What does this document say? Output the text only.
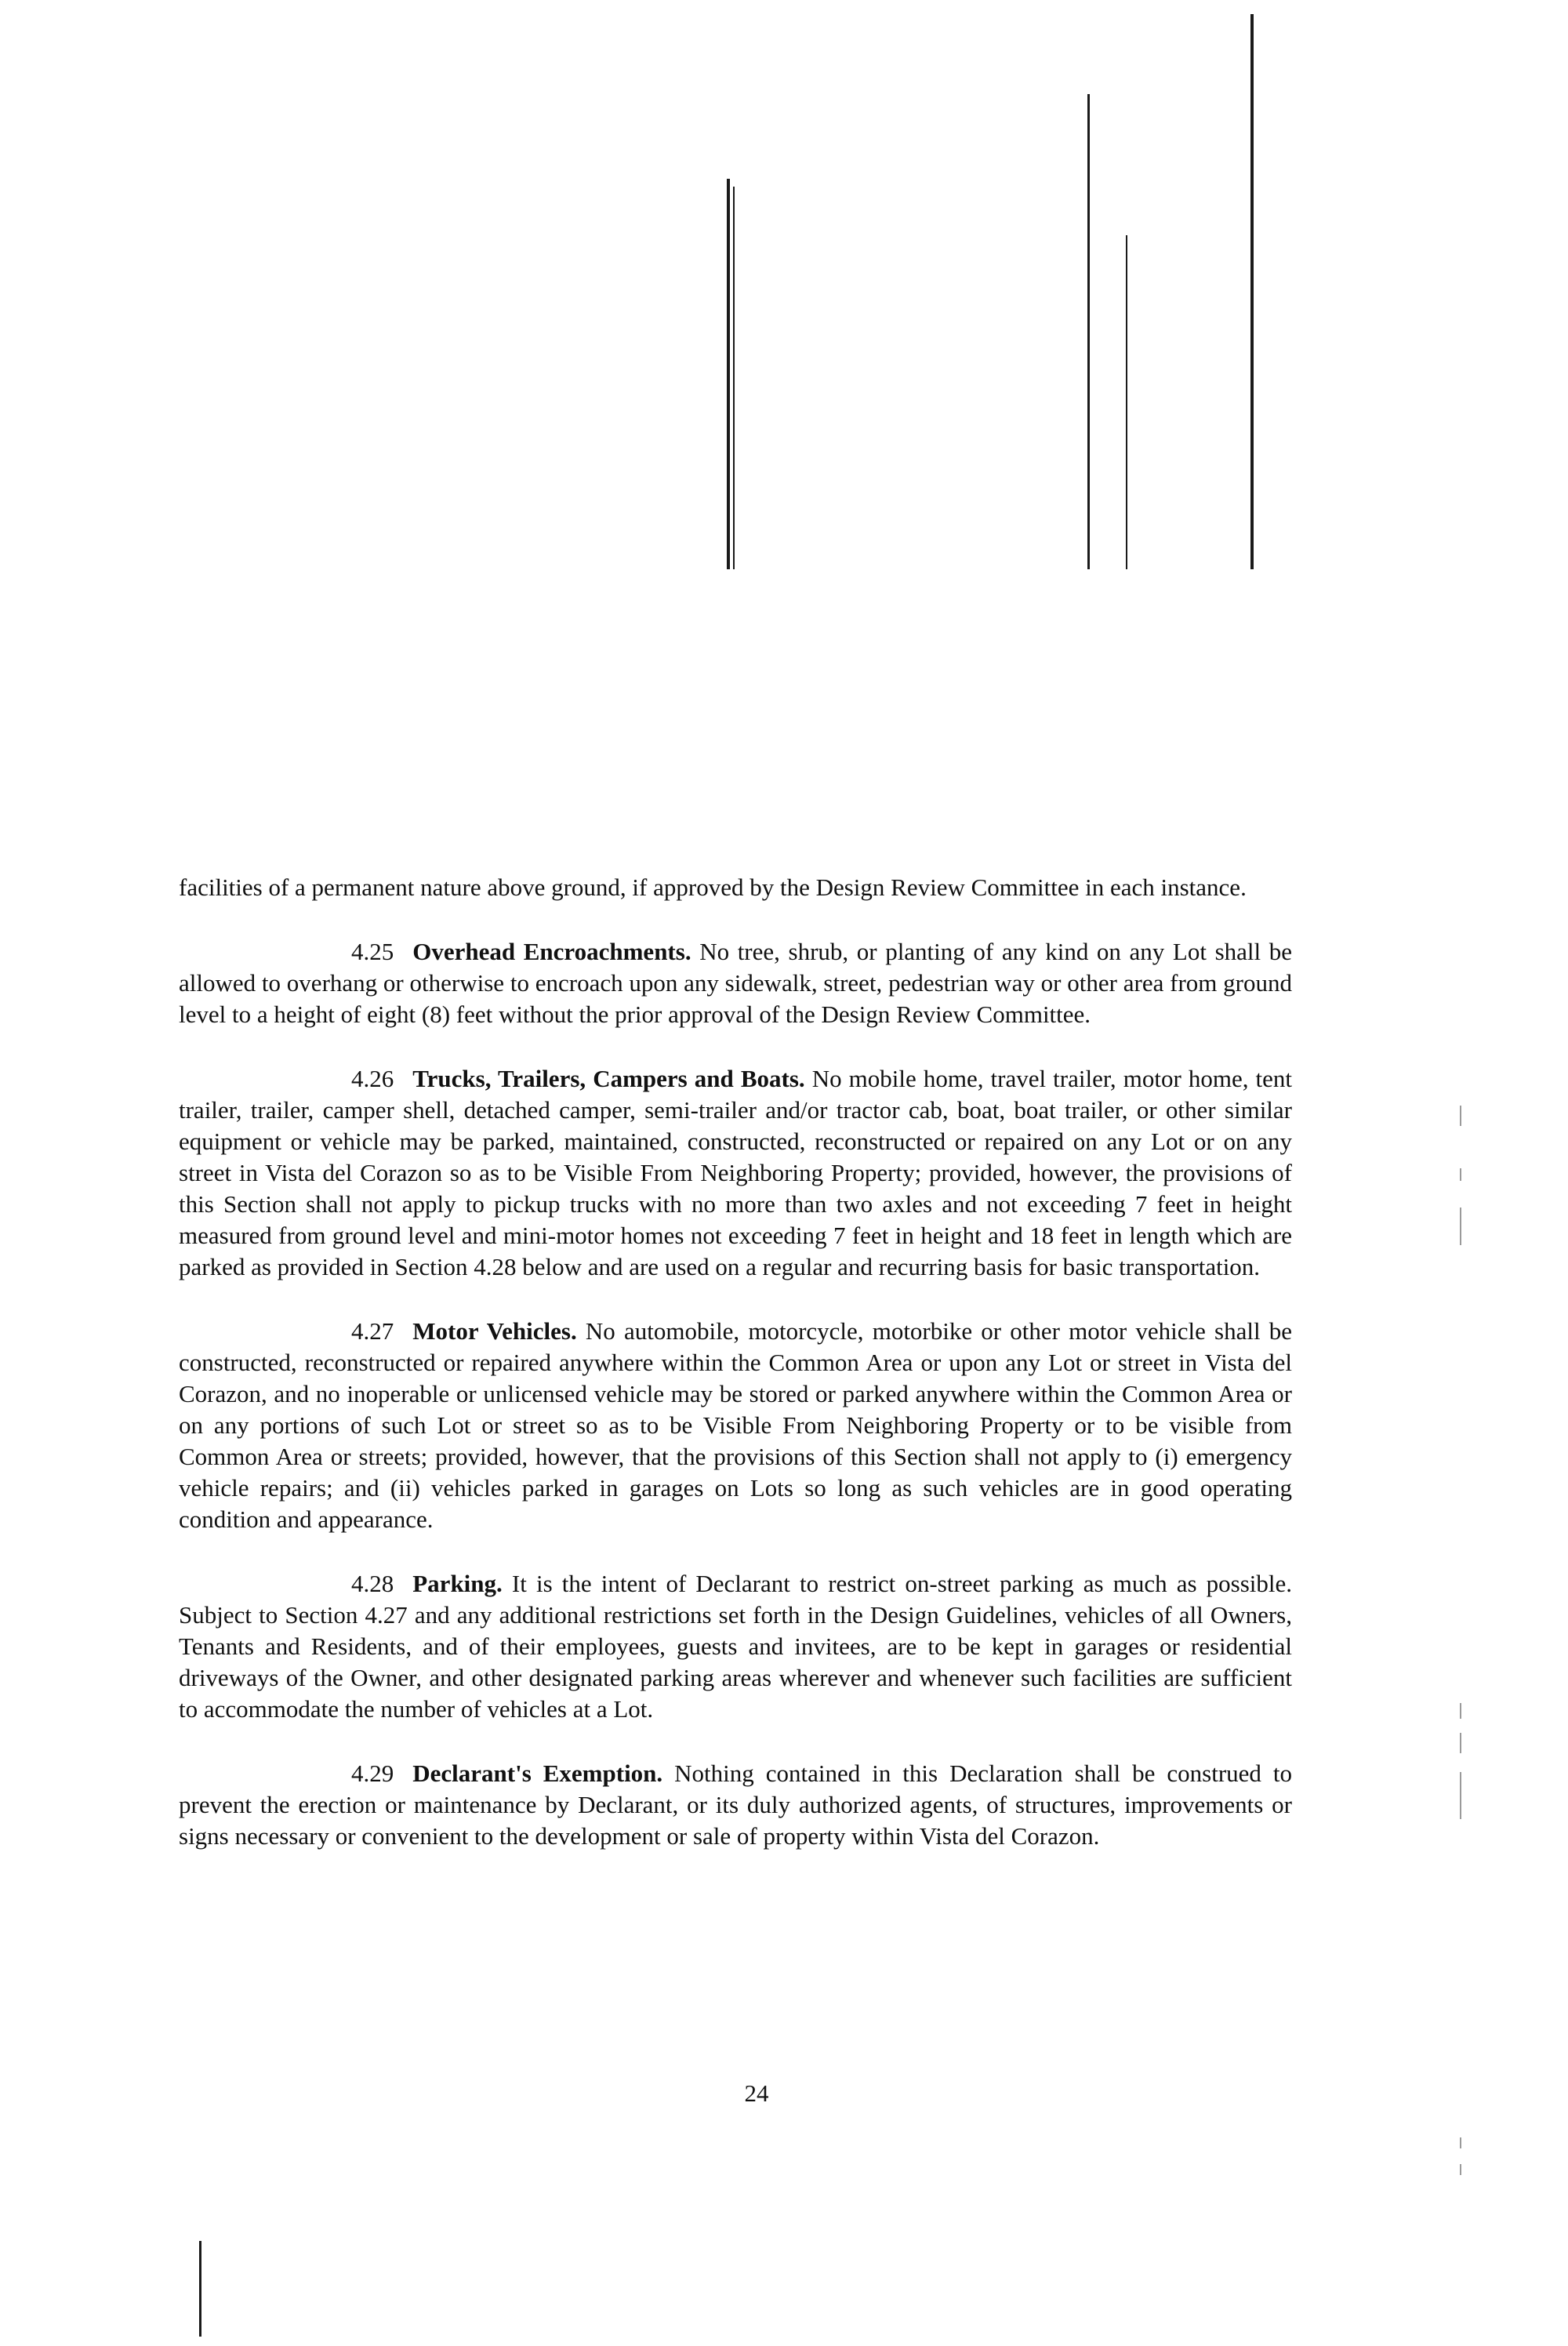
facilities of a permanent nature above ground, if approved by the Design Review Committee in each instance.

4.25 Overhead Encroachments. No tree, shrub, or planting of any kind on any Lot shall be allowed to overhang or otherwise to encroach upon any sidewalk, street, pedestrian way or other area from ground level to a height of eight (8) feet without the prior approval of the Design Review Committee.

4.26 Trucks, Trailers, Campers and Boats. No mobile home, travel trailer, motor home, tent trailer, trailer, camper shell, detached camper, semi-trailer and/or tractor cab, boat, boat trailer, or other similar equipment or vehicle may be parked, maintained, constructed, reconstructed or repaired on any Lot or on any street in Vista del Corazon so as to be Visible From Neighboring Property; provided, however, the provisions of this Section shall not apply to pickup trucks with no more than two axles and not exceeding 7 feet in height measured from ground level and mini-motor homes not exceeding 7 feet in height and 18 feet in length which are parked as provided in Section 4.28 below and are used on a regular and recurring basis for basic transportation.

4.27 Motor Vehicles. No automobile, motorcycle, motorbike or other motor vehicle shall be constructed, reconstructed or repaired anywhere within the Common Area or upon any Lot or street in Vista del Corazon, and no inoperable or unlicensed vehicle may be stored or parked anywhere within the Common Area or on any portions of such Lot or street so as to be Visible From Neighboring Property or to be visible from Common Area or streets; provided, however, that the provisions of this Section shall not apply to (i) emergency vehicle repairs; and (ii) vehicles parked in garages on Lots so long as such vehicles are in good operating condition and appearance.

4.28 Parking. It is the intent of Declarant to restrict on-street parking as much as possible. Subject to Section 4.27 and any additional restrictions set forth in the Design Guidelines, vehicles of all Owners, Tenants and Residents, and of their employees, guests and invitees, are to be kept in garages or residential driveways of the Owner, and other designated parking areas wherever and whenever such facilities are sufficient to accommodate the number of vehicles at a Lot.

4.29 Declarant's Exemption. Nothing contained in this Declaration shall be construed to prevent the erection or maintenance by Declarant, or its duly authorized agents, of structures, improvements or signs necessary or convenient to the development or sale of property within Vista del Corazon.

24
